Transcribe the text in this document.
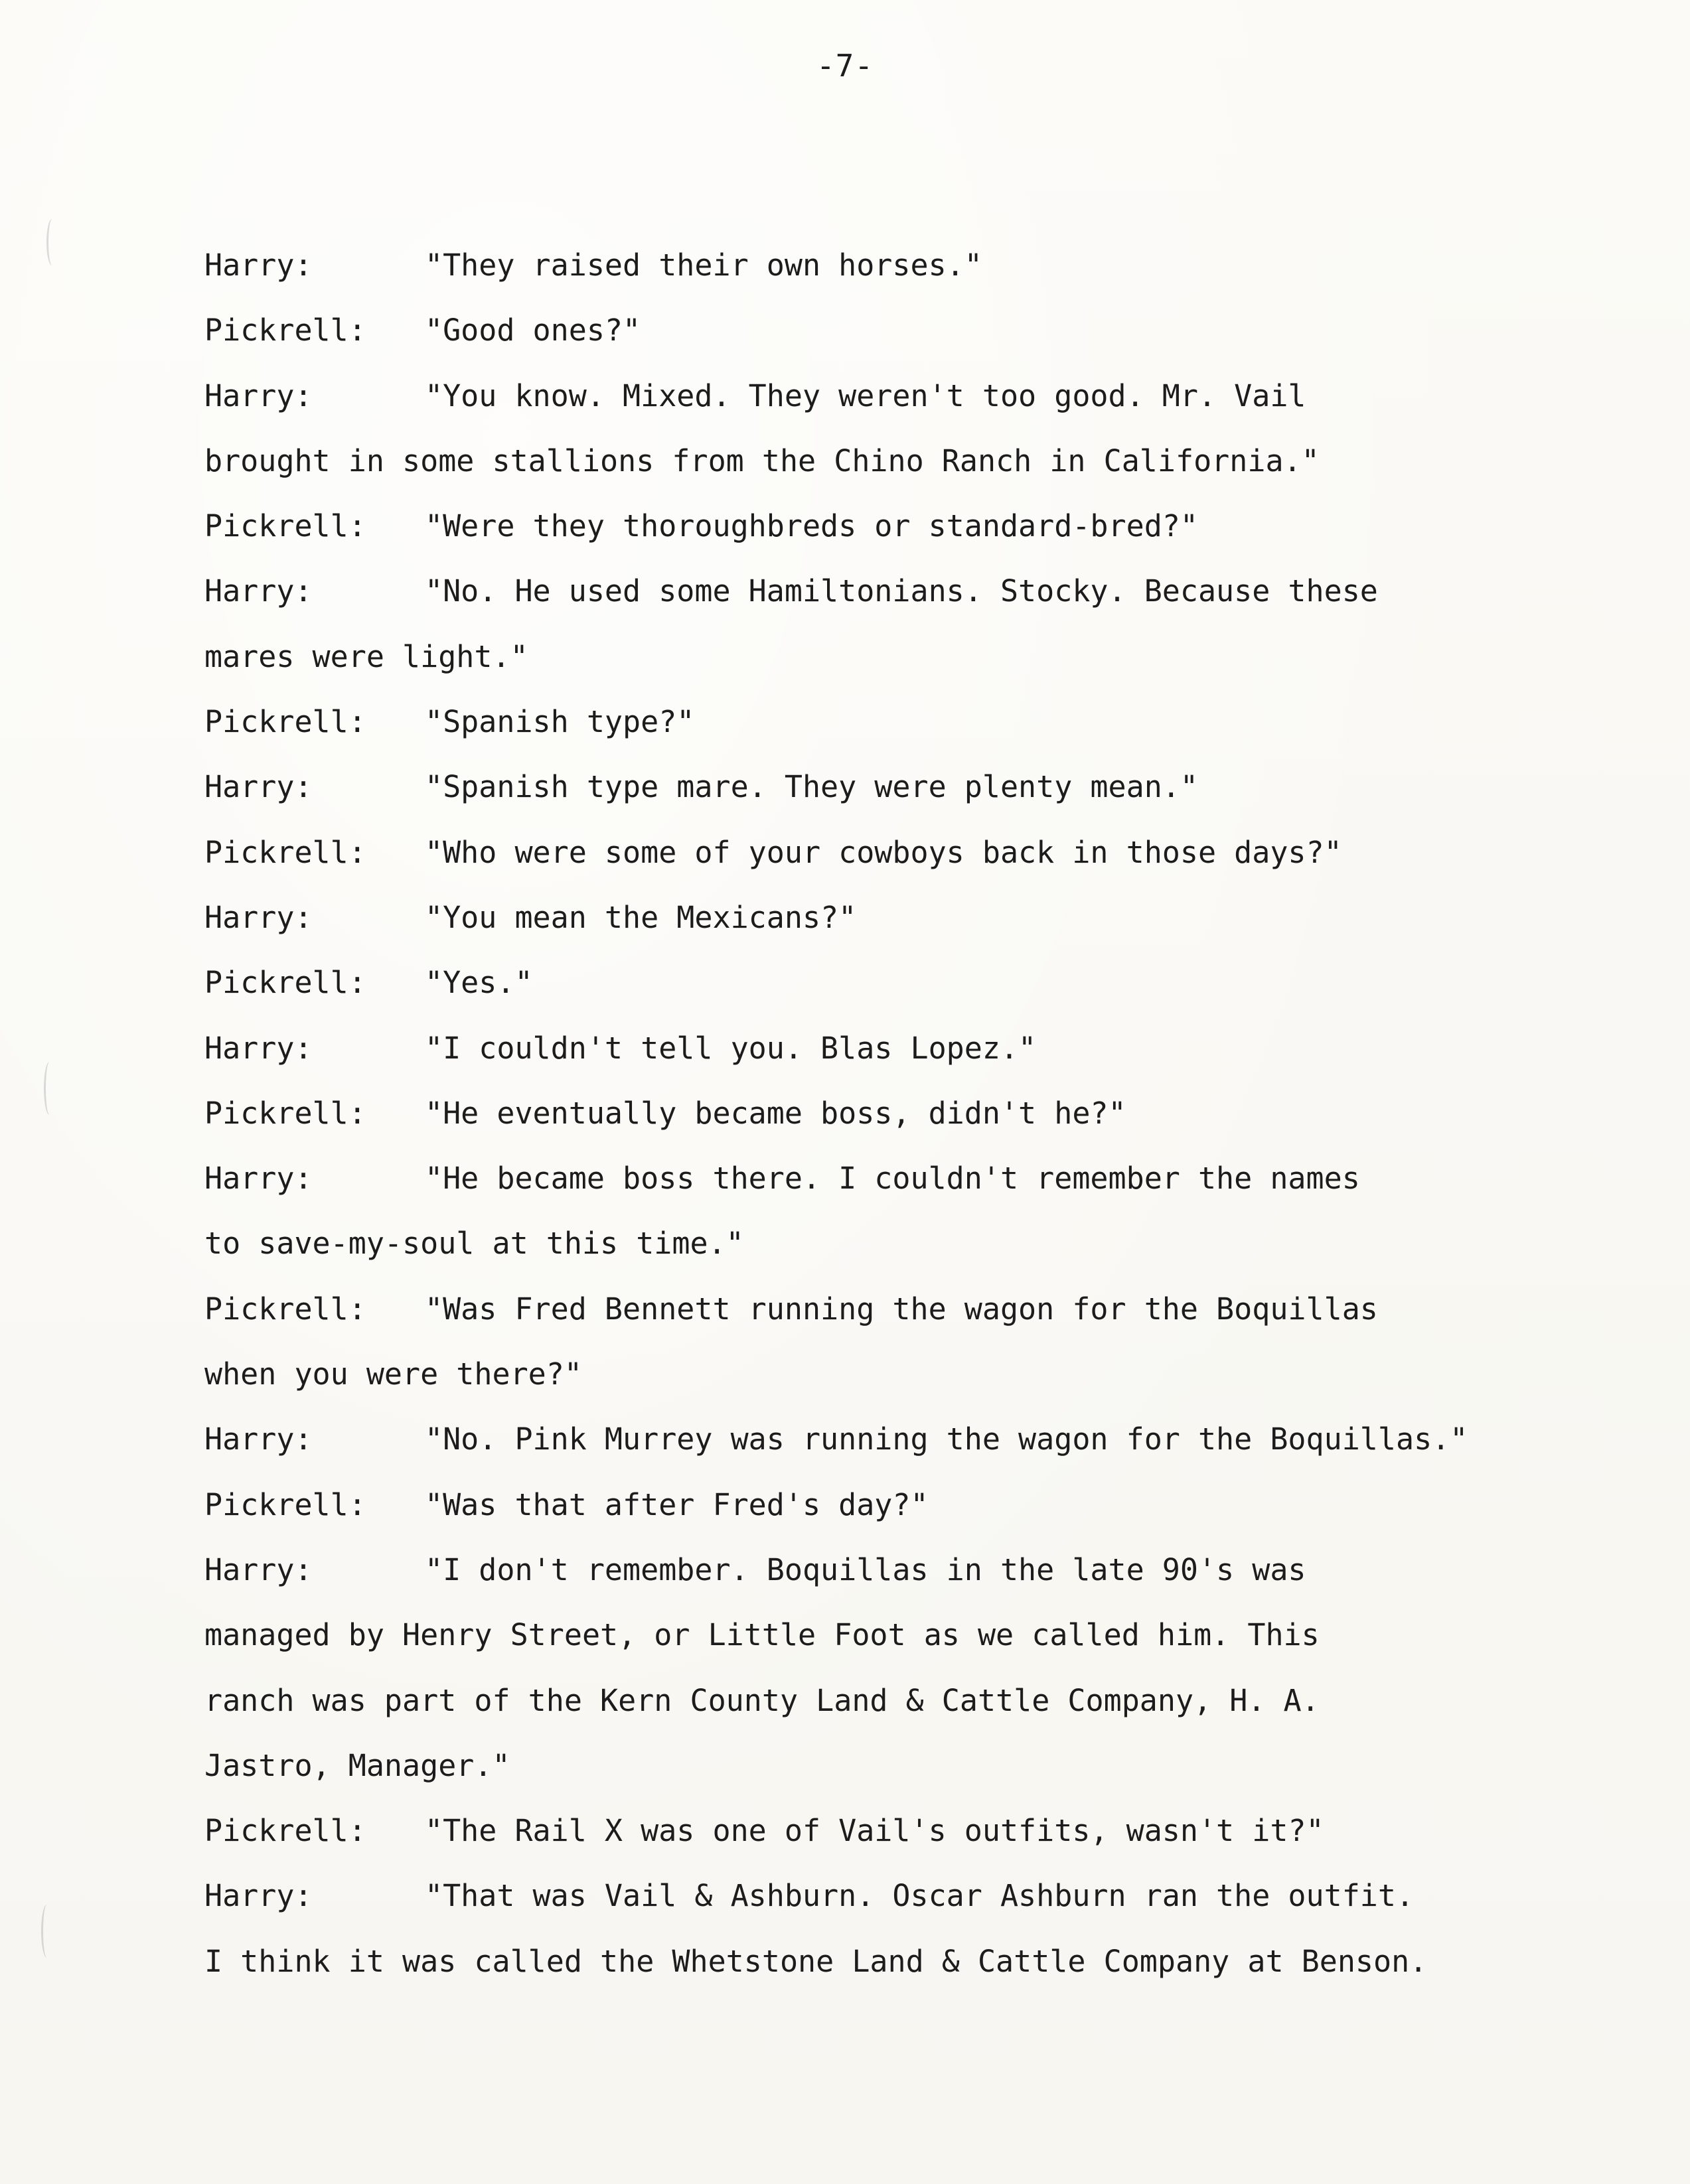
-7-
Harry:	"They raised their own horses."
Pickrell:	"Good ones?"
Harry:	"You know. Mixed. They weren't too good. Mr. Vail
brought in some stallions from the Chino Ranch in California."
Pickrell:	"Were they thoroughbreds or standard-bred?"
Harry:	"No. He used some Hamiltonians. Stocky. Because these
mares were light."
Pickrell:	"Spanish type?"
Harry:	"Spanish type mare. They were plenty mean."
Pickrell:	"Who were some of your cowboys back in those days?"
Harry:	"You mean the Mexicans?"
Pickrell:	"Yes."
Harry:	"I couldn't tell you. Blas Lopez."
Pickrell:	"He eventually became boss, didn't he?"
Harry:	"He became boss there. I couldn't remember the names
to save-my-soul at this time."
Pickrell:	"Was Fred Bennett running the wagon for the Boquillas
when you were there?"
Harry:	"No. Pink Murrey was running the wagon for the Boquillas."
Pickrell:	"Was that after Fred's day?"
Harry:	"I don't remember. Boquillas in the late 90's was
managed by Henry Street, or Little Foot as we called him. This
ranch was part of the Kern County Land & Cattle Company, H. A.
Jastro, Manager."
Pickrell:	"The Rail X was one of Vail's outfits, wasn't it?"
Harry:	"That was Vail & Ashburn. Oscar Ashburn ran the outfit.
I think it was called the Whetstone Land & Cattle Company at Benson.
